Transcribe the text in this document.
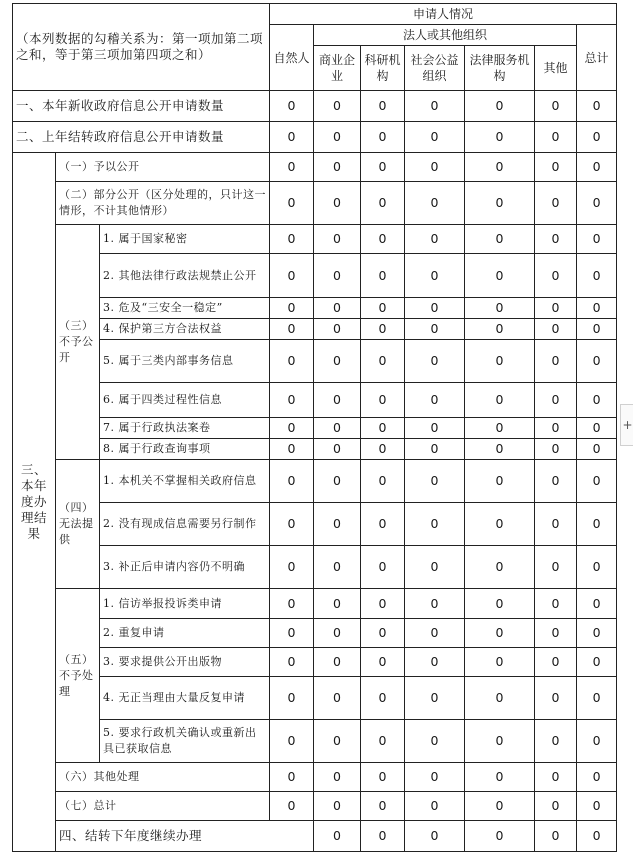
（本列数据的勾稽关系为：第一项加第二项之和，等于第三项加第四项之和）			申请人情况							
			自然人	法人或其他组织					总计	
				商业企业	科研机构	社会公益组织	法律服务机构	其他		
一、本年新收政府信息公开申请数量			0	0	0	0	0	0	0	
二、上年结转政府信息公开申请数量			0	0	0	0	0	0	0	
三、本年度办理结果	（一）予以公开		0	0	0	0	0	0	0	
	（二）部分公开（区分处理的，只计这一情形，不计其他情形）		0	0	0	0	0	0	0	
	（三）不予公开	1. 属于国家秘密	0	0	0	0	0	0	0	
		2. 其他法律行政法规禁止公开	0	0	0	0	0	0	0	
		3. 危及“三安全一稳定”	0	0	0	0	0	0	0	
		4. 保护第三方合法权益	0	0	0	0	0	0	0	
		5. 属于三类内部事务信息	0	0	0	0	0	0	0	
		6. 属于四类过程性信息	0	0	0	0	0	0	0	
		7. 属于行政执法案卷	0	0	0	0	0	0	0	
		8. 属于行政查询事项	0	0	0	0	0	0	0	
	（四）无法提供	1. 本机关不掌握相关政府信息	0	0	0	0	0	0	0	
		2. 没有现成信息需要另行制作	0	0	0	0	0	0	0	
		3. 补正后申请内容仍不明确	0	0	0	0	0	0	0	
	（五）不予处理	1. 信访举报投诉类申请	0	0	0	0	0	0	0	
		2. 重复申请	0	0	0	0	0	0	0	
		3. 要求提供公开出版物	0	0	0	0	0	0	0	
		4. 无正当理由大量反复申请	0	0	0	0	0	0	0	
		5. 要求行政机关确认或重新出具已获取信息	0	0	0	0	0	0	0	
	（六）其他处理		0	0	0	0	0	0	0	
	（七）总计		0	0	0	0	0	0	0	
	四、结转下年度继续办理			0	0	0	0	0	0	
+
